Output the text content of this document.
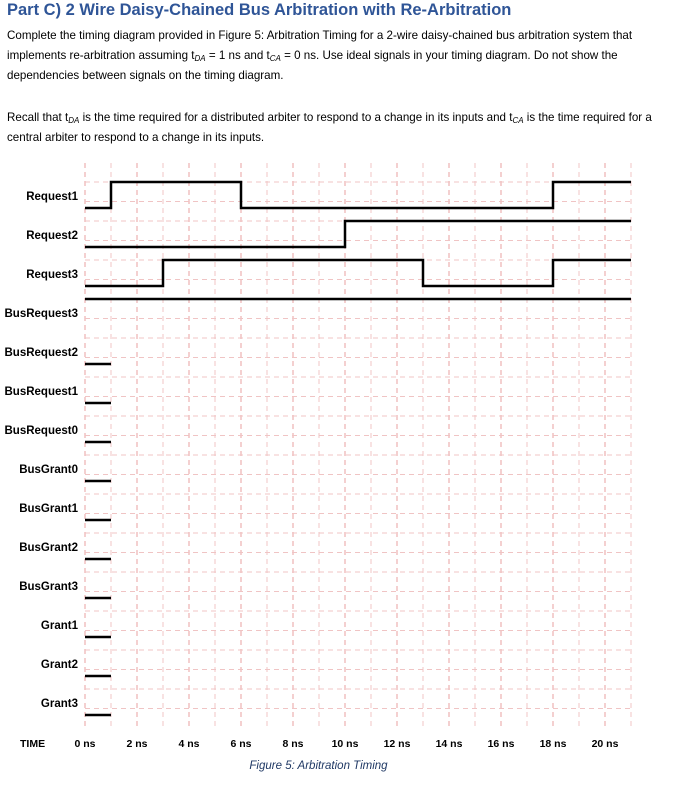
Part C) 2 Wire Daisy-Chained Bus Arbitration with Re-Arbitration

Complete the timing diagram provided in Figure 5: Arbitration Timing for a 2-wire daisy-chained bus arbitration system that implements re-arbitration assuming $t_{DA} = 1$ ns and $t_{CA} = 0$ ns. Use ideal signals in your timing diagram. Do not show the dependencies between signals on the timing diagram.

Recall that $t_{DA}$ is the time required for a distributed arbiter to respond to a change in its inputs and $t_{CA}$ is the time required for a central arbiter to respond to a change in its inputs.

Request1
Request2
Request3
BusRequest3
BusRequest2
BusRequest1
BusRequest0
BusGrant0
BusGrant1
BusGrant2
BusGrant3
Grant1
Grant2
Grant3
TIME	0 ns	2 ns	4 ns	6 ns	8 ns	10 ns 12 ns 14 ns 16 ns 18 ns 20 ns
Figure 5: Arbitration Timing
